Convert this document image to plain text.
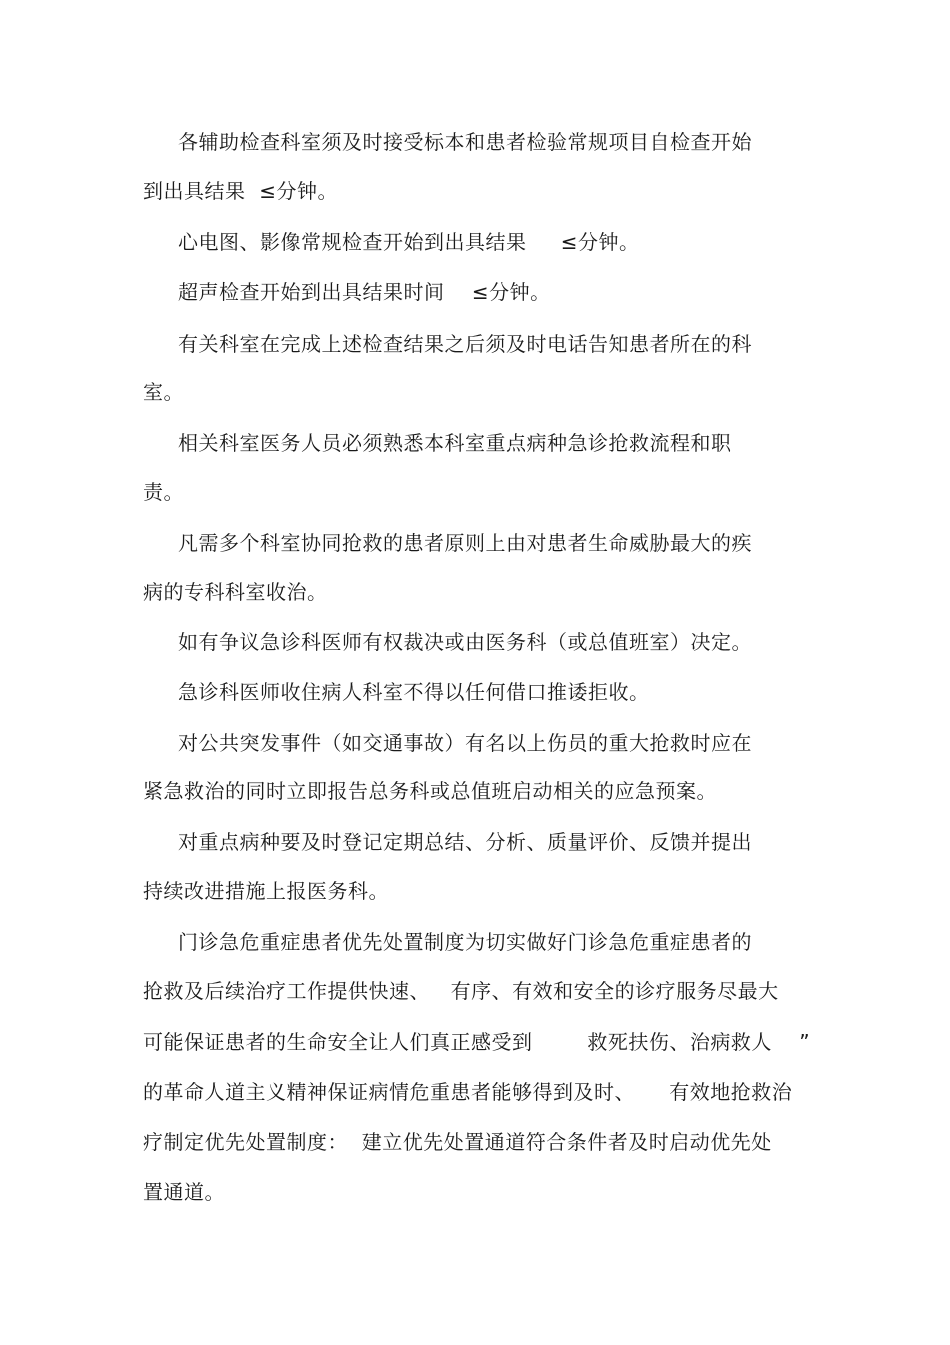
各辅助检查科室须及时接受标本和患者检验常规项目自检查开始
到出具结果  ≤分钟。
心电图、影像常规检查开始到出具结果     ≤分钟。
超声检查开始到出具结果时间    ≤分钟。
有关科室在完成上述检查结果之后须及时电话告知患者所在的科
室。
相关科室医务人员必须熟悉本科室重点病种急诊抢救流程和职
责。
凡需多个科室协同抢救的患者原则上由对患者生命威胁最大的疾
病的专科科室收治。
如有争议急诊科医师有权裁决或由医务科（或总值班室）决定。
急诊科医师收住病人科室不得以任何借口推诿拒收。
对公共突发事件（如交通事故）有名以上伤员的重大抢救时应在
紧急救治的同时立即报告总务科或总值班启动相关的应急预案。
对重点病种要及时登记定期总结、分析、质量评价、反馈并提出
持续改进措施上报医务科。
门诊急危重症患者优先处置制度为切实做好门诊急危重症患者的
抢救及后续治疗工作提供快速、   有序、有效和安全的诊疗服务尽最大
可能保证患者的生命安全让人们真正感受到        救死扶伤、治病救人    ”
的革命人道主义精神保证病情危重患者能够得到及时、     有效地抢救治
疗制定优先处置制度：  建立优先处置通道符合条件者及时启动优先处
置通道。
